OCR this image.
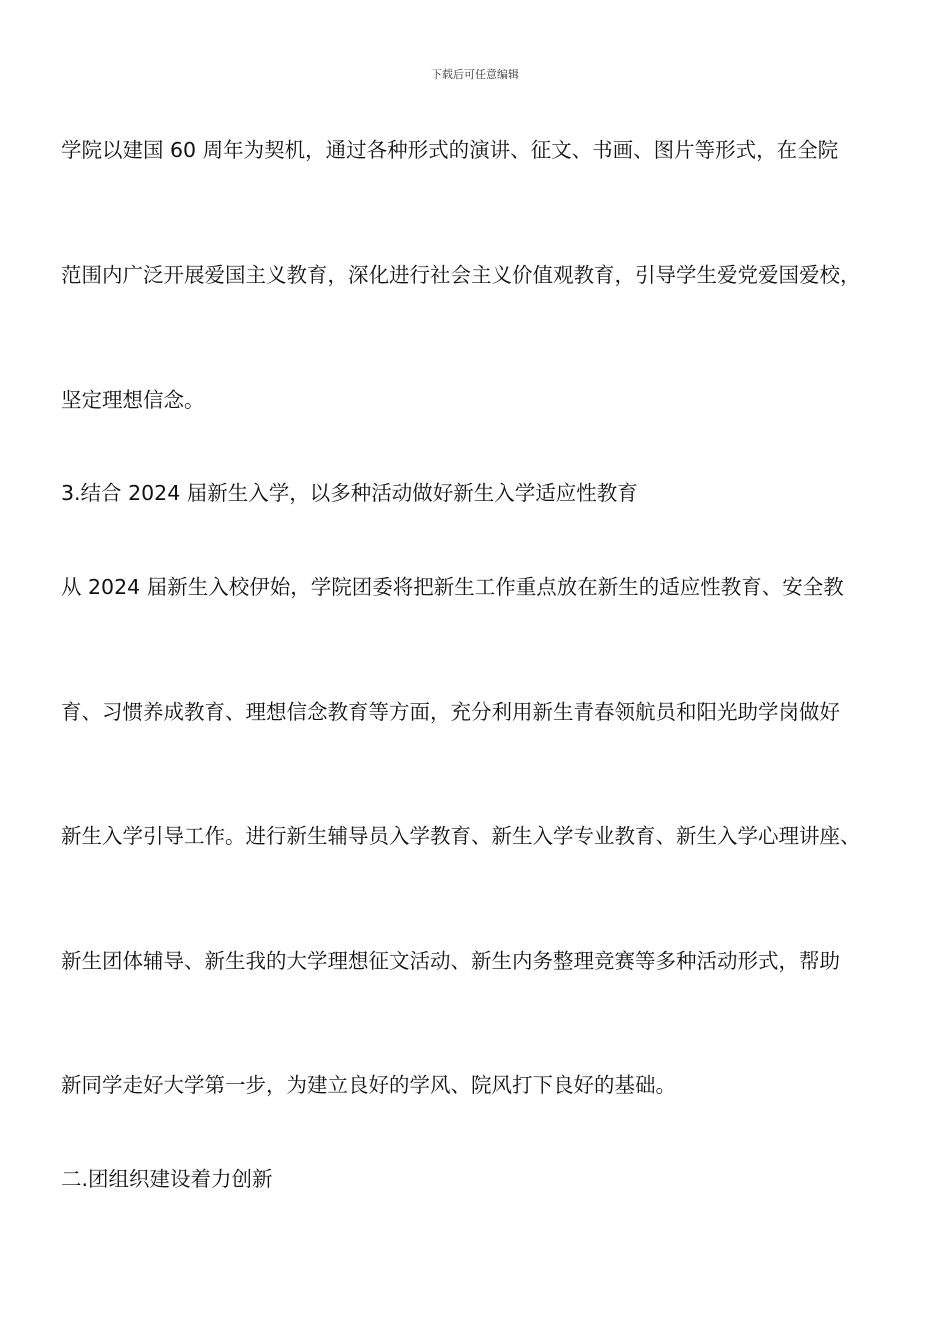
下载后可任意编辑
学院以建国 60 周年为契机，通过各种形式的演讲、征文、书画、图片等形式，在全院
范围内广泛开展爱国主义教育，深化进行社会主义价值观教育，引导学生爱党爱国爱校，
坚定理想信念。
3.结合 2024 届新生入学，以多种活动做好新生入学适应性教育
从 2024 届新生入校伊始，学院团委将把新生工作重点放在新生的适应性教育、安全教
育、习惯养成教育、理想信念教育等方面，充分利用新生青春领航员和阳光助学岗做好
新生入学引导工作。进行新生辅导员入学教育、新生入学专业教育、新生入学心理讲座、
新生团体辅导、新生我的大学理想征文活动、新生内务整理竞赛等多种活动形式，帮助
新同学走好大学第一步，为建立良好的学风、院风打下良好的基础。
二.团组织建设着力创新
